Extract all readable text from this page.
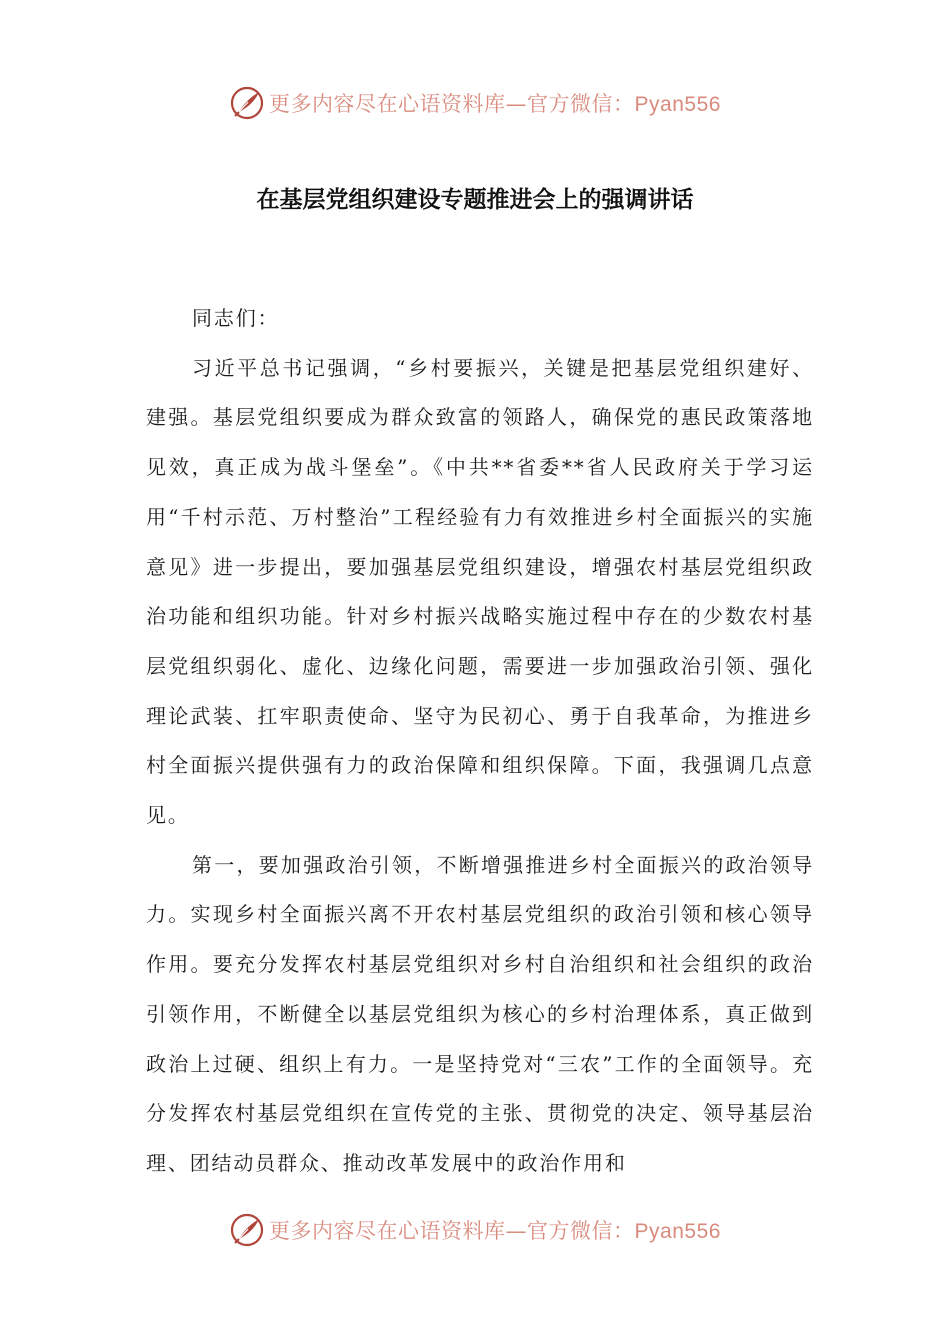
更多内容尽在心语资料库—官方微信：Pyan556
在基层党组织建设专题推进会上的强调讲话

同志们：

习近平总书记强调，“乡村要振兴，关键是把基层党组织建好、建强。基层党组织要成为群众致富的领路人，确保党的惠民政策落地见效，真正成为战斗堡垒”。《中共**省委**省人民政府关于学习运用“千村示范、万村整治”工程经验有力有效推进乡村全面振兴的实施意见》进一步提出，要加强基层党组织建设，增强农村基层党组织政治功能和组织功能。针对乡村振兴战略实施过程中存在的少数农村基层党组织弱化、虚化、边缘化问题，需要进一步加强政治引领、强化理论武装、扛牢职责使命、坚守为民初心、勇于自我革命，为推进乡村全面振兴提供强有力的政治保障和组织保障。下面，我强调几点意见。

第一，要加强政治引领，不断增强推进乡村全面振兴的政治领导力。实现乡村全面振兴离不开农村基层党组织的政治引领和核心领导作用。要充分发挥农村基层党组织对乡村自治组织和社会组织的政治引领作用，不断健全以基层党组织为核心的乡村治理体系，真正做到政治上过硬、组织上有力。一是坚持党对“三农”工作的全面领导。充分发挥农村基层党组织在宣传党的主张、贯彻党的决定、领导基层治理、团结动员群众、推动改革发展中的政治作用和

更多内容尽在心语资料库—官方微信：Pyan556
